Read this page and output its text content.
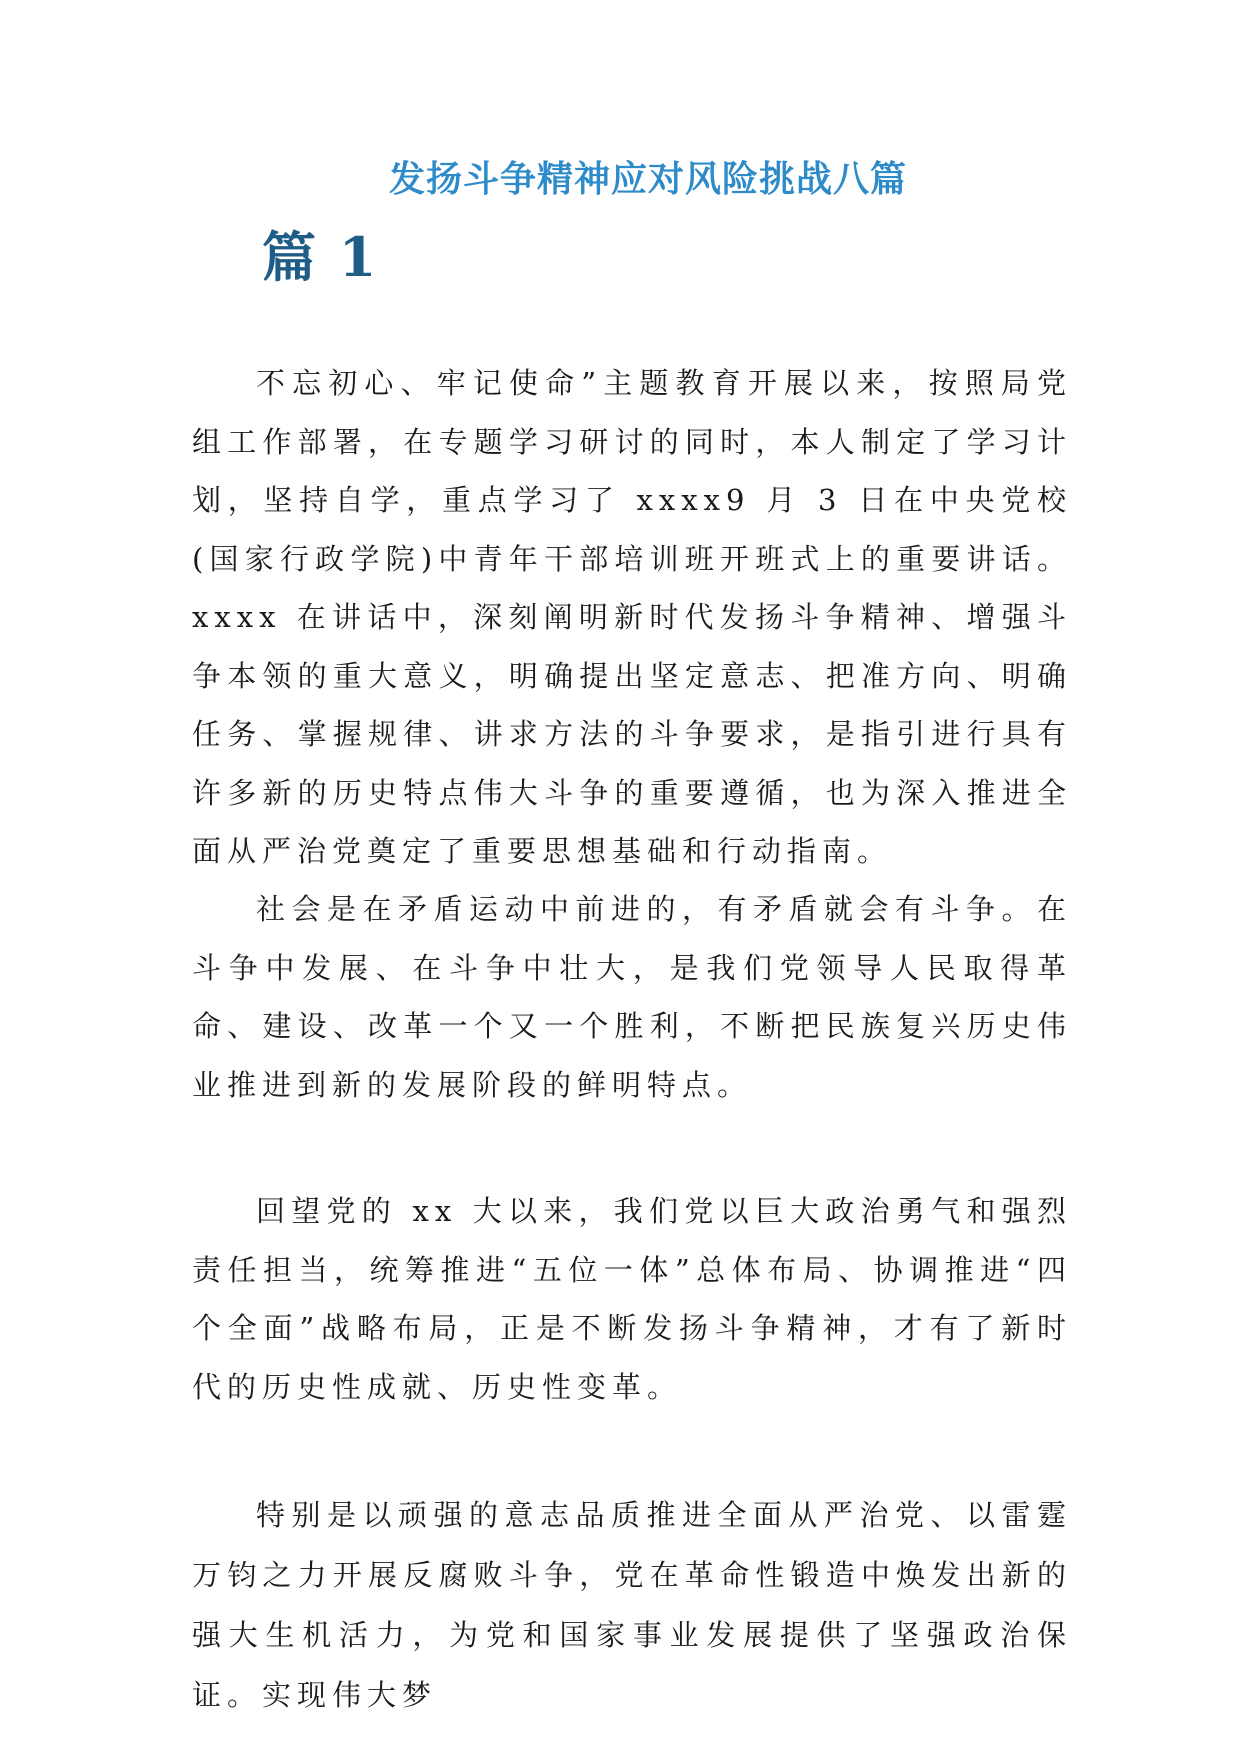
发扬斗争精神应对风险挑战八篇
篇 1

不忘初心、牢记使命”主题教育开展以来，按照局党组工作部署，在专题学习研讨的同时，本人制定了学习计划，坚持自学，重点学习了 xxxx9 月 3 日在中央党校(国家行政学院)中青年干部培训班开班式上的重要讲话。xxxx 在讲话中，深刻阐明新时代发扬斗争精神、增强斗争本领的重大意义，明确提出坚定意志、把准方向、明确任务、掌握规律、讲求方法的斗争要求，是指引进行具有许多新的历史特点伟大斗争的重要遵循，也为深入推进全面从严治党奠定了重要思想基础和行动指南。

社会是在矛盾运动中前进的，有矛盾就会有斗争。在斗争中发展、在斗争中壮大，是我们党领导人民取得革命、建设、改革一个又一个胜利，不断把民族复兴历史伟业推进到新的发展阶段的鲜明特点。

回望党的 xx 大以来，我们党以巨大政治勇气和强烈责任担当，统筹推进“五位一体”总体布局、协调推进“四个全面”战略布局，正是不断发扬斗争精神，才有了新时代的历史性成就、历史性变革。

特别是以顽强的意志品质推进全面从严治党、以雷霆万钧之力开展反腐败斗争，党在革命性锻造中焕发出新的强大生机活力，为党和国家事业发展提供了坚强政治保证。实现伟大梦
